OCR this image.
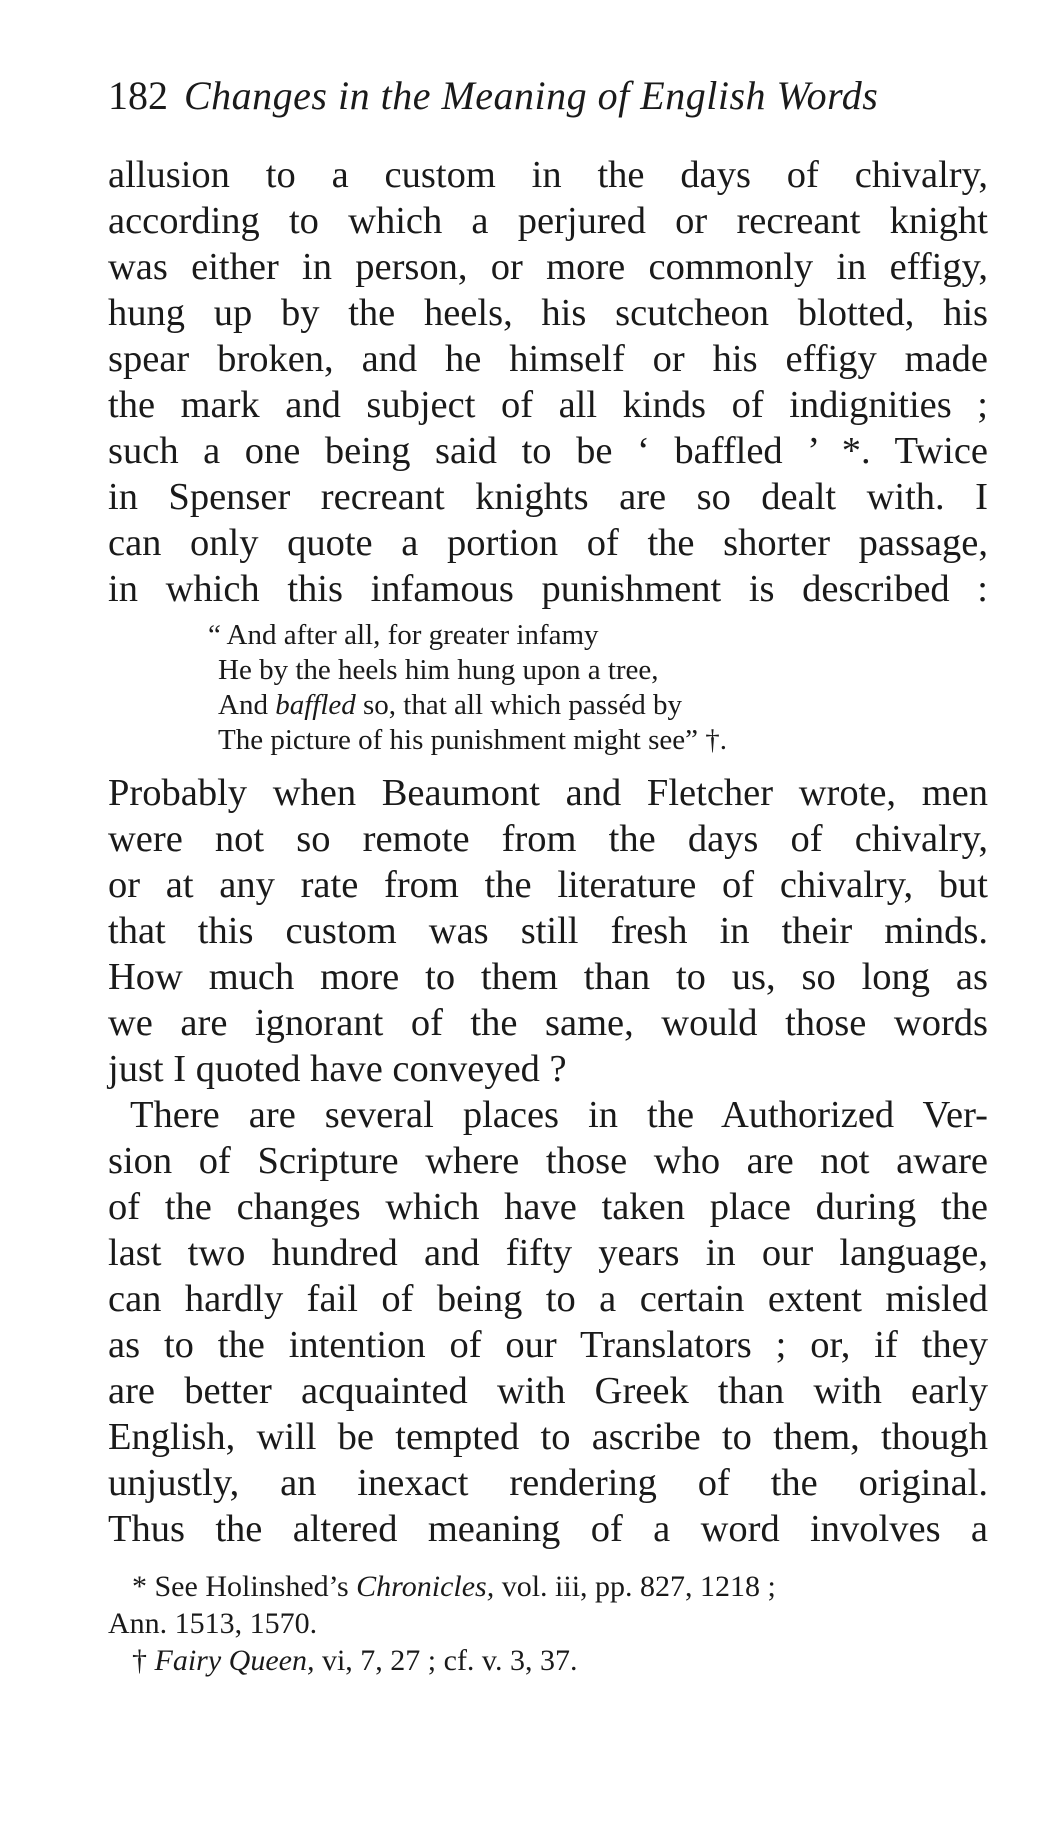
182 Changes in the Meaning of English Words
allusion to a custom in the days of chivalry,
according to which a perjured or recreant knight
was either in person, or more commonly in effigy,
hung up by the heels, his scutcheon blotted, his
spear broken, and he himself or his effigy made
the mark and subject of all kinds of indignities ;
such a one being said to be ‘ baffled ’ *. Twice
in Spenser recreant knights are so dealt with. I
can only quote a portion of the shorter passage,
in which this infamous punishment is described :
“ And after all, for greater infamy
He by the heels him hung upon a tree,
And baffled so, that all which passéd by
The picture of his punishment might see” †.
Probably when Beaumont and Fletcher wrote, men
were not so remote from the days of chivalry,
or at any rate from the literature of chivalry, but
that this custom was still fresh in their minds.
How much more to them than to us, so long as
we are ignorant of the same, would those words
just I quoted have conveyed ?
There are several places in the Authorized Ver-
sion of Scripture where those who are not aware
of the changes which have taken place during the
last two hundred and fifty years in our language,
can hardly fail of being to a certain extent misled
as to the intention of our Translators ; or, if they
are better acquainted with Greek than with early
English, will be tempted to ascribe to them, though
unjustly, an inexact rendering of the original.
Thus the altered meaning of a word involves a
* See Holinshed’s Chronicles, vol. iii, pp. 827, 1218 ;
Ann. 1513, 1570.
† Fairy Queen, vi, 7, 27 ; cf. v. 3, 37.
